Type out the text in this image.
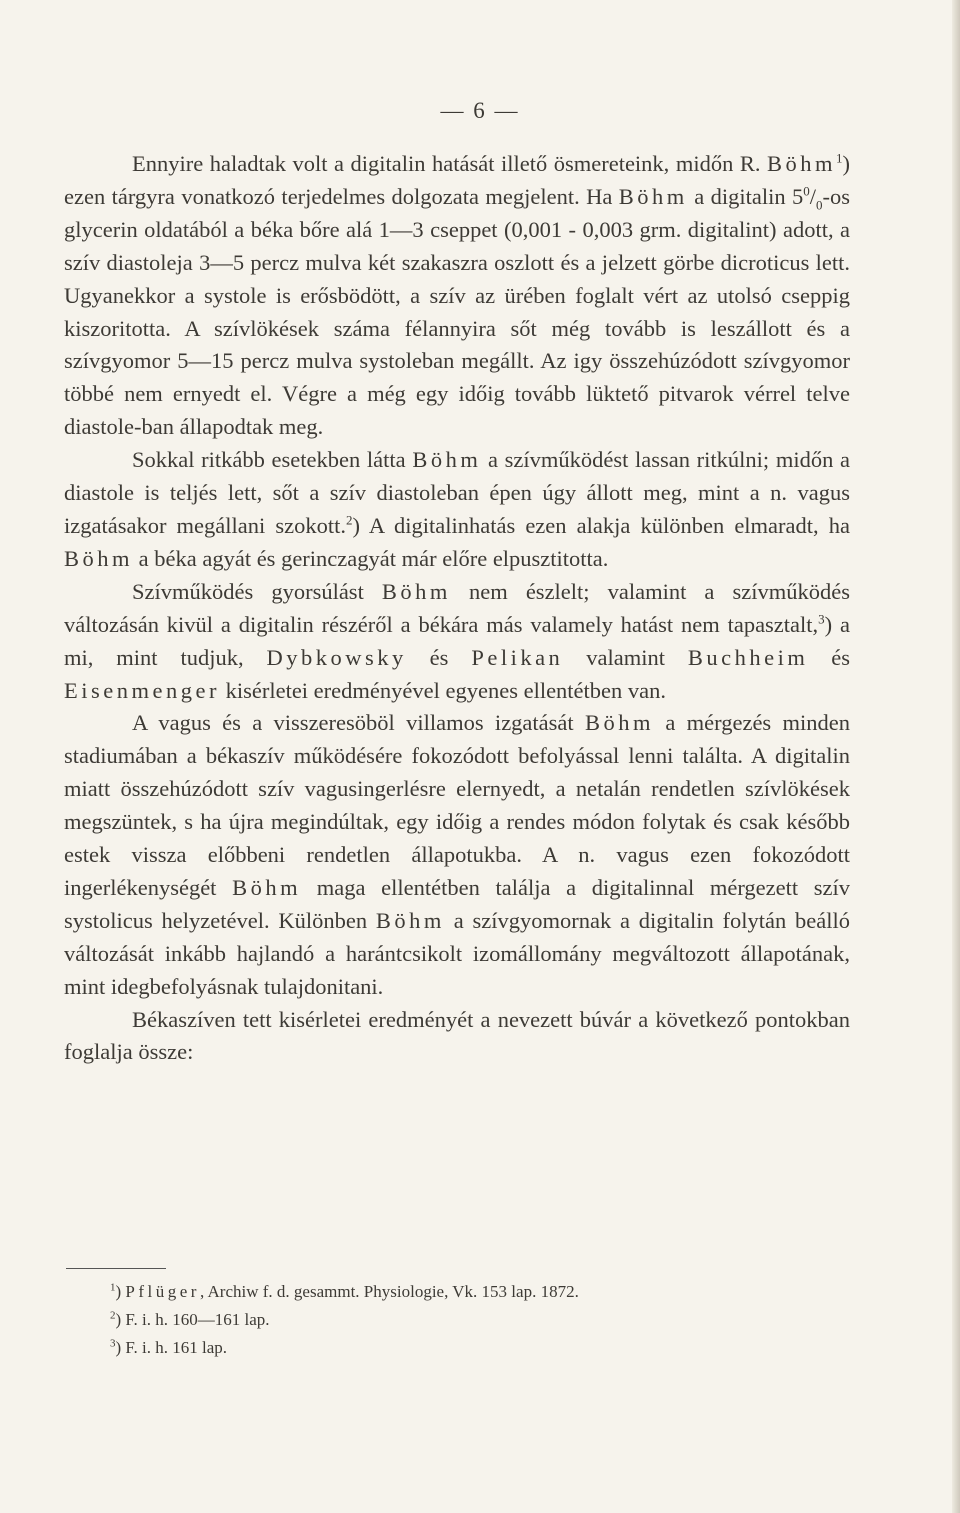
— 6 —

Ennyire haladtak volt a digitalin hatását illető ösmereteink, midőn R. Böhm$^1$) ezen tárgyra vonatkozó terjedelmes dolgozata megjelent. Ha Böhm a digitalin $5^0/_0-os$ glycerin oldatából a béka bőre alá 1—3 cseppet (0,001 - 0,003 grm. digitalint) adott, a szív diastoleja 3—5 percz mulva két szakaszra oszlott és a jelzett görbe dicroticus lett. Ugyanekkor a systole is erősbödött, a szív az ürében foglalt vért az utolsó cseppig kiszoritotta. A szívlökések száma félannyira sőt még tovább is leszállott és a szívgyomor 5—15 percz mulva systoleban megállt. Az igy összehúzódott szívgyomor többé nem ernyedt el. Végre a még egy időig tovább lüktető pitvarok vérrel telve diastole-ban állapodtak meg.

Sokkal ritkább esetekben látta Böhm a szívműködést lassan ritkúlni; midőn a diastole is teljés lett, sőt a szív diastoleban épen úgy állott meg, mint a n. vagus izgatásakor megállani szokott.$^2$) A digitalinhatás ezen alakja különben elmaradt, ha Böhm a béka agyát és gerinczagyát már előre elpusztitotta.

Szívműködés gyorsúlást Böhm nem észlelt; valamint a szívműködés változásán kivül a digitalin részéről a békára más valamely hatást nem tapasztalt,$^3$) a mi, mint tudjuk, Dybkowsky és Pelikan valamint Buchheim és Eisenmenger kisérletei eredményével egyenes ellentétben van.

A vagus és a visszeresöböl villamos izgatását Böhm a mérgezés minden stadiumában a békaszív működésére fokozódott befolyással lenni találta. A digitalin miatt összehúzódott szív vagusingerlésre elernyedt, a netalán rendetlen szívlökések megszüntek, s ha újra megindúltak, egy időig a rendes módon folytak és csak később estek vissza előbbeni rendetlen állapotukba. A n. vagus ezen fokozódott ingerlékenységét Böhm maga ellentétben találja a digitalinnal mérgezett szív systolicus helyzetével. Különben Böhm a szívgyomornak a digitalin folytán beálló változását inkább hajlandó a harántcsikolt izomállomány megváltozott állapotának, mint idegbefolyásnak tulajdonitani.

Békaszíven tett kisérletei eredményét a nevezett búvár a következő pontokban foglalja össze:

$^1$) Pflüger, Archiw f. d. gesammt. Physiologie, Vk. 153 lap. 1872.
$^2$) F. i. h. 160—161 lap.
$^3$) F. i. h. 161 lap.
